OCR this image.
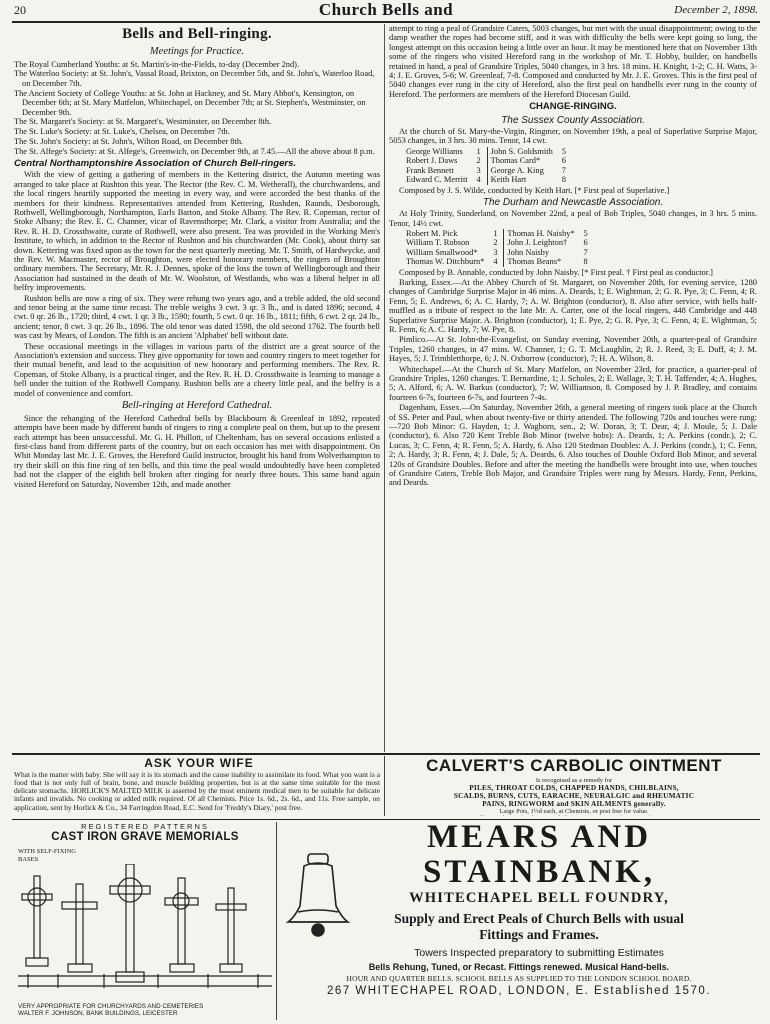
20	Church Bells and	December 2, 1898.
Bells and Bell-ringing.
Meetings for Practice.

The Royal Cumberland Youths: at St. Martin's-in-the-Fields, to-day (December 2nd).

The Waterloo Society: at St. John's, Vassal Road, Brixton, on December 5th, and St. John's, Waterloo Road, on December 7th.

The Ancient Society of College Youths: at St. John at Hackney, and St. Mary Abbot's, Kensington, on December 6th; at St. Mary Matfelon, Whitechapel, on December 7th; at St. Stephen's, Westminster, on December 9th.

The St. Margaret's Society: at St. Margaret's, Westminster, on December 8th.

The St. Luke's Society: at St. Luke's, Chelsea, on December 7th.

The St. John's Society: at St. John's, Wilton Road, on December 8th.

The St. Alfege's Society: at St. Alfege's, Greenwich, on December 9th, at 7.45.—All the above about 8 p.m.

Central Northamptonshire Association of Church Bell-ringers.

With the view of getting a gathering of members in the Kettering district, the Autumn meeting was arranged to take place at Rushton this year. The Rector (the Rev. C. M. Wetherall), the churchwardens, and the local ringers heartily supported the meeting in every way, and were accorded the best thanks of the members for their kindness. Representatives attended from Kettering, Rushden, Raunds, Desborough, Rothwell, Wellingborough, Northampton, Earls Barton, and Stoke Albany. The Rev. R. Copeman, rector of Stoke Albany; the Rev. E. C. Channer, vicar of Ravensthorpe; Mr. Clark, a visitor from Australia; and the Rev. R. H. D. Crossthwaite, curate of Rothwell, were also present. Tea was provided in the Working Men's Institute, to which, in addition to the Rector of Rushton and his churchwarden (Mr. Cook), about thirty sat down. Kettering was fixed upon as the town for the next quarterly meeting. Mr. T. Smith, of Hardwycke, and the Rev. W. Macmaster, rector of Broughton, were elected honorary members, the ringers of Broughton ordinary members. The Secretary, Mr. R. J. Dennes, spoke of the loss the town of Wellingborough and their Association had sustained in the death of Mr. W. Woolston, of Westlands, who was a liberal helper in all belfry improvements.

Rushton bells are now a ring of six. They were rehung two years ago, and a treble added, the old second and tenor being at the same time recast. The treble weighs 3 cwt. 3 qr. 3 lb., and is dated 1896; second, 4 cwt. 0 qr. 26 lb., 1720; third, 4 cwt. 1 qr. 3 lb., 1590; fourth, 5 cwt. 0 qr. 16 lb., 1811; fifth, 6 cwt. 2 qr. 24 lb., ancient; tenor, 8 cwt. 3 qr. 26 lb., 1896. The old tenor was dated 1598, the old second 1762. The fourth bell was cast by Mears, of London. The fifth is an ancient 'Alphabet' bell without date.

These occasional meetings in the villages in various parts of the district are a great source of the Association's extension and success. They give opportunity for town and country ringers to meet together for their mutual benefit, and lead to the acquisition of new honorary and performing members. The Rev. R. Copeman, of Stoke Albany, is a practical ringer, and the Rev. R. H. D. Crossthwaite is learning to manage a bell under the tuition of the Rothwell Company. Rushton bells are a cheery little peal, and the belfry is a model of convenience and comfort.

Bell-ringing at Hereford Cathedral.

Since the rehanging of the Hereford Cathedral bells by Blackbourn & Greenleaf in 1892, repeated attempts have been made by different bands of ringers to ring a complete peal on them, but up to the present each attempt has been unsuccessful. Mr. G. H. Phillott, of Cheltenham, has on several occasions enlisted a first-class band from different parts of the country, but on each occasion has met with disappointment. On Whit Monday last Mr. J. E. Groves, the Hereford Guild instructor, brought his band from Wolverhampton to try their skill on this fine ring of ten bells, and this time the peal would undoubtedly have been completed had not the clapper of the eighth bell broken after ringing for nearly three hours. This same band again visited Hereford on Saturday, November 12th, and made another

attempt to ring a peal of Grandsire Caters, 5003 changes, but met with the usual disappointment; owing to the damp weather the ropes had become stiff, and it was with difficulty the bells were kept going so long, the longest attempt on this occasion being a little over an hour. It may be mentioned here that on November 13th some of the ringers who visited Hereford rang in the workshop of Mr. T. Hobby, builder, on handbells retained in hand, a peal of Grandsire Triples, 5040 changes, in 3 hrs. 18 mins. H. Knight, 1-2; C. H. Watts, 3-4; J. E. Groves, 5-6; W. Greenleaf, 7-8. Composed and conducted by Mr. J. E. Groves. This is the first peal of 5040 changes ever rung in the city of Hereford, also the first peal on handbells ever rung in the county of Hereford. The performers are members of the Hereford Diocesan Guild.

CHANGE-RINGING.
The Sussex County Association.

At the church of St. Mary-the-Virgin, Ringmer, on November 19th, a peal of Superlative Surprise Major, 5053 changes, in 3 hrs. 30 mins. Tenor, 14 cwt.

George Williams	1	John S. Goldsmith	5
Robert J. Daws	2	Thomas Card*	6
Frank Bennett	3	George A. King	7
Edward C. Merritt	4	Keith Hart	8

Composed by J. S. Wilde, conducted by Keith Hart. [* First peal of Superlative.]

The Durham and Newcastle Association.

At Holy Trinity, Sunderland, on November 22nd, a peal of Bob Triples, 5040 changes, in 3 hrs. 5 mins. Tenor, 14½ cwt.

Robert M. Pick	1	Thomas H. Naisby*	5
William T. Robson	2	John J. Leighton†	6
William Smallwood*	3	John Naisby	7
Thomas W. Ditchburn*	4	Thomas Beans*	8

Composed by B. Annable, conducted by John Naisby. [* First peal. † First peal as conductor.]

Barking, Essex.—At the Abbey Church of St. Margaret, on November 20th, for evening service, 1280 changes of Cambridge Surprise Major in 46 mins. A. Deards, 1; E. Wightman, 2; G. R. Pye, 3; C. Fenn, 4; R. Fenn, 5; E. Andrews, 6; A. C. Hardy, 7; A. W. Brighton (conductor), 8. Also after service, with bells half-muffled as a tribute of respect to the late Mr. A. Carter, one of the local ringers, 448 Cambridge and 448 Superlative Surprise Major. A. Brighton (conductor), 1; E. Pye, 2; G. R. Pye, 3; C. Fenn, 4; E. Wightman, 5; R. Fenn, 6; A. C. Hardy, 7; W. Pye, 8.

Pimlico.—At St. John-the-Evangelist, on Sunday evening, November 20th, a quarter-peal of Grandsire Triples, 1260 changes, in 47 mins. W. Channer, 1; G. T. McLaughlin, 2; R. J. Reed, 3; E. Duff, 4; J. M. Hayes, 5; J. Trimbletthorpe, 6; J. N. Oxborrow (conductor), 7; H. A. Wilson, 8.

Whitechapel.—At the Church of St. Mary Matfelon, on November 23rd, for practice, a quarter-peal of Grandsire Triples, 1260 changes. T. Bernardine, 1; J. Scholes, 2; E. Wallage, 3; T. H. Taffender, 4; A. Hughes, 5; A. Alford, 6; A. W. Barkus (conductor), 7; W. Williamson, 8. Composed by J. P. Bradley, and contains fourteen 6-7s, fourteen 6-7s, and fourteen 7-4s.

Dagenham, Essex.—On Saturday, November 26th, a general meeting of ringers took place at the Church of SS. Peter and Paul, when about twenty-five or thirty attended. The following 720s and touches were rung:—720 Bob Minor: G. Hayden, 1; J. Wagborn, sen., 2; W. Doran, 3; T. Dear, 4; J. Moule, 5; J. Dale (conductor), 6. Also 720 Kent Treble Bob Minor (twelve bobs): A. Deards, 1; A. Perkins (condr.), 2; C. Lucas, 3; C. Fenn, 4; R. Fenn, 5; A. Hardy, 6. Also 120 Stedman Doubles: A. J. Perkins (condr.), 1; C. Fenn, 2; A. Hardy, 3; R. Fenn, 4; J. Dale, 5; A. Deards, 6. Also touches of Double Oxford Bob Minor, and several 120s of Grandsire Doubles. Before and after the meeting the handbells were brought into use, when touches of Grandsire Caters, Treble Bob Major, and Grandsire Triples were rung by Messrs. Hardy, Fenn, Perkins, and Deards.

ASK YOUR WIFE
What is the matter with baby. She will say it is its stomach and the cause inability to assimilate its food. What you want is a food that is not only full of brain, bone, and muscle building properties, but is at the same time suitable for the most delicate stomachs. HORLICK'S MALTED MILK is asserted by the most eminent medical men to be suitable for delicate infants and invalids. No cooking or added milk required. Of all Chemists. Price 1s. 6d., 2s. 6d., and 11s. Free sample, on application, sent by Horlick & Co., 34 Farringdon Road, E.C. Send for 'Freddy's Diary,' post free.
CALVERT'S CARBOLIC OINTMENT
Is recognised as a remedy for
PILES, THROAT COLDS, CHAPPED HANDS, CHILBLAINS,
SCALDS, BURNS, CUTS, EARACHE, NEURALGIC and RHEUMATIC
PAINS, RINGWORM and SKIN AILMENTS generally.
Large Pots, 1½d each, at Chemists, or post free for value.
REGISTERED PATTERNS
CAST IRON GRAVE MEMORIALS
WITH SELF-FIXING
BASES
VERY APPROPRIATE FOR CHURCHYARDS AND CEMETERIES
WALTER F. JOHNSON, BANK BUILDINGS, LEICESTER
MEARS AND STAINBANK,
WHITECHAPEL BELL FOUNDRY,
Supply and Erect Peals of Church Bells with usual
Fittings and Frames.
Towers Inspected preparatory to submitting Estimates
Bells Rehung, Tuned, or Recast. Fittings renewed. Musical Hand-bells.
HOUR AND QUARTER BELLS. SCHOOL BELLS AS SUPPLIED TO THE LONDON SCHOOL BOARD.
267 WHITECHAPEL ROAD, LONDON, E. Established 1570.
